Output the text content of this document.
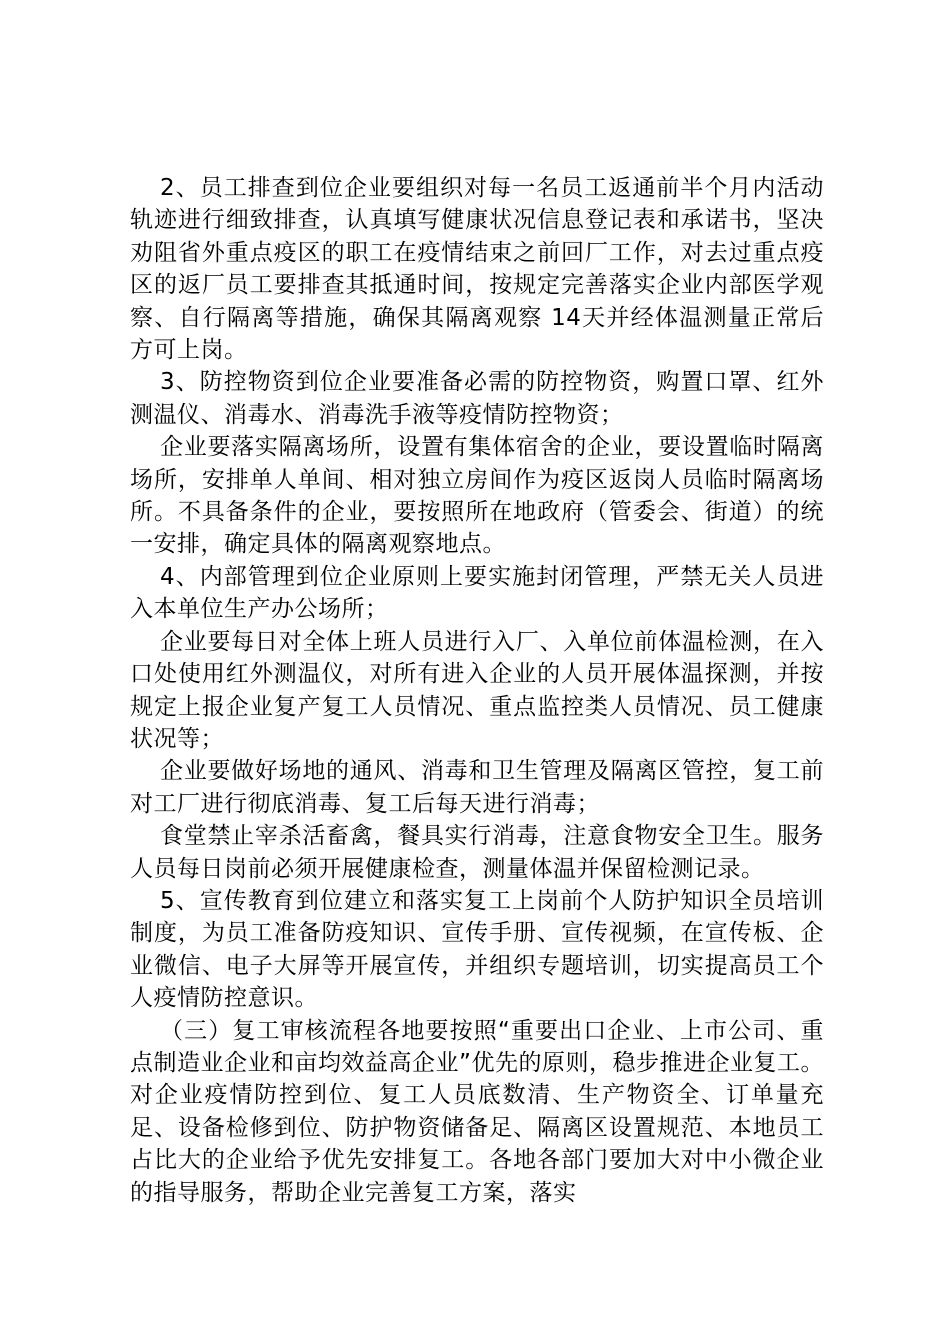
2、员工排查到位企业要组织对每一名员工返通前半个月内活动轨迹进行细致排查，认真填写健康状况信息登记表和承诺书，坚决劝阻省外重点疫区的职工在疫情结束之前回厂工作，对去过重点疫区的返厂员工要排查其抵通时间，按规定完善落实企业内部医学观察、自行隔离等措施，确保其隔离观察 14天并经体温测量正常后方可上岗。

3、防控物资到位企业要准备必需的防控物资，购置口罩、红外测温仪、消毒水、消毒洗手液等疫情防控物资；

企业要落实隔离场所，设置有集体宿舍的企业，要设置临时隔离场所，安排单人单间、相对独立房间作为疫区返岗人员临时隔离场所。不具备条件的企业，要按照所在地政府（管委会、街道）的统一安排，确定具体的隔离观察地点。

4、内部管理到位企业原则上要实施封闭管理，严禁无关人员进入本单位生产办公场所；

企业要每日对全体上班人员进行入厂、入单位前体温检测，在入口处使用红外测温仪，对所有进入企业的人员开展体温探测，并按规定上报企业复产复工人员情况、重点监控类人员情况、员工健康状况等；

企业要做好场地的通风、消毒和卫生管理及隔离区管控，复工前对工厂进行彻底消毒、复工后每天进行消毒；

食堂禁止宰杀活畜禽，餐具实行消毒，注意食物安全卫生。服务人员每日岗前必须开展健康检查，测量体温并保留检测记录。

5、宣传教育到位建立和落实复工上岗前个人防护知识全员培训制度，为员工准备防疫知识、宣传手册、宣传视频，在宣传板、企业微信、电子大屏等开展宣传，并组织专题培训，切实提高员工个人疫情防控意识。

（三）复工审核流程各地要按照“重要出口企业、上市公司、重点制造业企业和亩均效益高企业”优先的原则，稳步推进企业复工。对企业疫情防控到位、复工人员底数清、生产物资全、订单量充足、设备检修到位、防护物资储备足、隔离区设置规范、本地员工占比大的企业给予优先安排复工。各地各部门要加大对中小微企业的指导服务，帮助企业完善复工方案，落实
